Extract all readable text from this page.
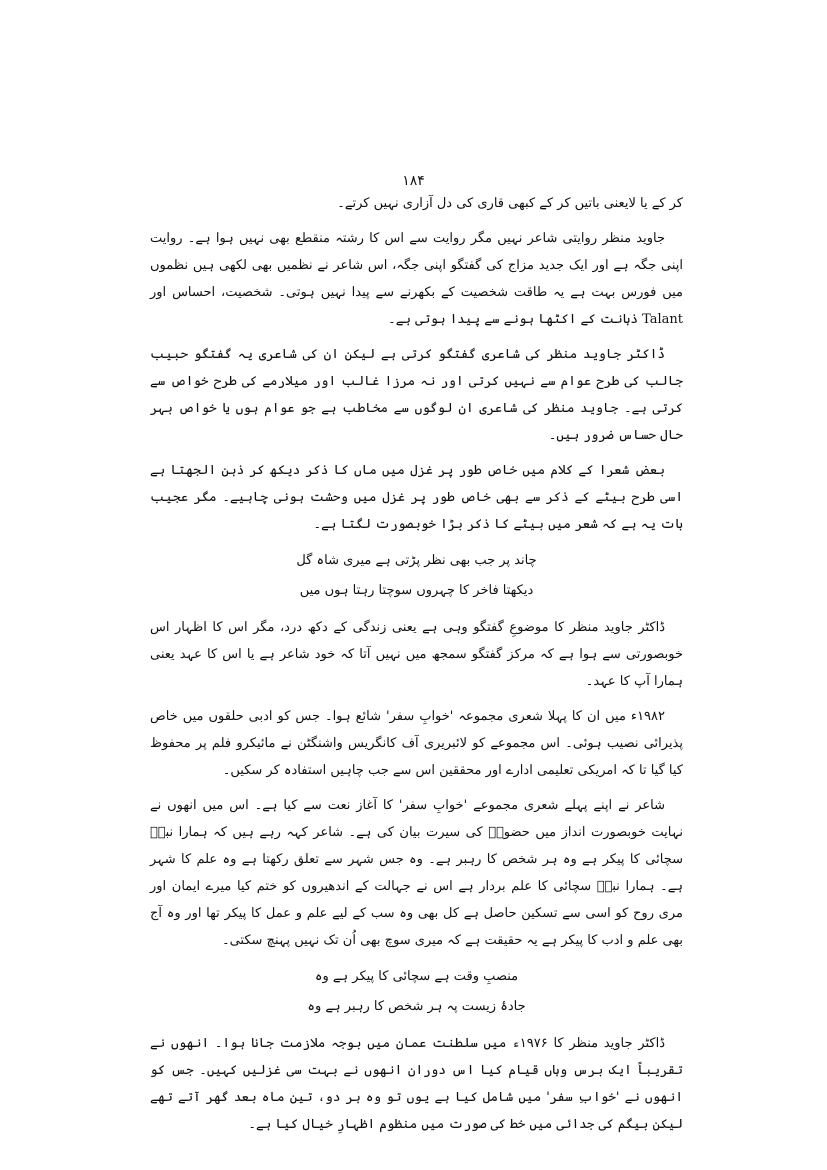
۱۸۴

کر کے یا لایعنی باتیں کر کے کبھی قاری کی دل آزاری نہیں کرتے۔

جاوید منظر روایتی شاعر نہیں مگر روایت سے اس کا رشتہ منقطع بھی نہیں ہوا ہے۔ روایت اپنی جگہ ہے اور ایک جدید مزاج کی گفتگو اپنی جگہ، اس شاعر نے نظمیں بھی لکھی ہیں نظموں میں فورس بہت ہے یہ طاقت شخصیت کے بکھرنے سے پیدا نہیں ہوتی۔ شخصیت، احساس اور Talant ذہانت کے اکٹھا ہونے سے پیدا ہوتی ہے۔

ڈاکٹر جاوید منظر کی شاعری گفتگو کرتی ہے لیکن ان کی شاعری یہ گفتگو حبیب جالب کی طرح عوام سے نہیں کرتی اور نہ مرزا غالب اور میلارمے کی طرح خواص سے کرتی ہے۔ جاوید منظر کی شاعری ان لوگوں سے مخاطب ہے جو عوام ہوں یا خواص بہر حال حساس ضرور ہیں۔

بعض شعرا کے کلام میں خاص طور پر غزل میں ماں کا ذکر دیکھ کر ذہن الجھتا ہے اسی طرح بیٹے کے ذکر سے بھی خاص طور پر غزل میں وحشت ہونی چاہیے۔ مگر عجیب بات یہ ہے کہ شعر میں بیٹے کا ذکر بڑا خوبصورت لگتا ہے۔

چاند پر جب بھی نظر پڑتی ہے میری شاہ گل
دیکھتا فاخر کا چہروں سوچتا رہتا ہوں میں

ڈاکٹر جاوید منظر کا موضوعِ گفتگو وہی ہے یعنی زندگی کے دکھ درد، مگر اس کا اظہار اس خوبصورتی سے ہوا ہے کہ مرکز گفتگو سمجھ میں نہیں آتا کہ خود شاعر ہے یا اس کا عہد یعنی ہمارا آپ کا عہد۔

۱۹۸۲ء میں ان کا پہلا شعری مجموعہ 'خوابِ سفر' شائع ہوا۔ جس کو ادبی حلقوں میں خاص پذیرائی نصیب ہوئی۔ اس مجموعے کو لائبریری آف کانگریس واشنگٹن نے مائیکرو فلم پر محفوظ کیا گیا تا کہ امریکی تعلیمی ادارے اور محققین اس سے جب چاہیں استفادہ کر سکیں۔

شاعر نے اپنے پہلے شعری مجموعے 'خوابِ سفر' کا آغاز نعت سے کیا ہے۔ اس میں انھوں نے نہایت خوبصورت انداز میں حضورؐ کی سیرت بیان کی ہے۔ شاعر کہہ رہے ہیں کہ ہمارا نبیؐ سچائی کا پیکر ہے وہ ہر شخص کا رہبر ہے۔ وہ جس شہر سے تعلق رکھتا ہے وہ علم کا شہر ہے۔ ہمارا نبیؐ سچائی کا علم بردار ہے اس نے جہالت کے اندھیروں کو ختم کیا میرے ایمان اور مری روح کو اسی سے تسکین حاصل ہے کل بھی وہ سب کے لیے علم و عمل کا پیکر تھا اور وہ آج بھی علم و ادب کا پیکر ہے یہ حقیقت ہے کہ میری سوچ بھی اُن تک نہیں پہنچ سکتی۔

منصبِ وقت ہے سچائی کا پیکر ہے وہ
جادۂ زیست پہ ہر شخص کا رہبر ہے وہ

ڈاکٹر جاوید منظر کا ۱۹۷۶ء میں سلطنت عمان میں بوجہ ملازمت جانا ہوا۔ انھوں نے تقریباً ایک برس وہاں قیام کیا اس دوران انھوں نے بہت سی غزلیں کہیں۔ جس کو انھوں نے 'خوابِ سفر' میں شامل کیا ہے یوں تو وہ ہر دو، تین ماہ بعد گھر آتے تھے لیکن بیگم کی جدائی میں خط کی صورت میں منظوم اظہارِ خیال کیا ہے۔
